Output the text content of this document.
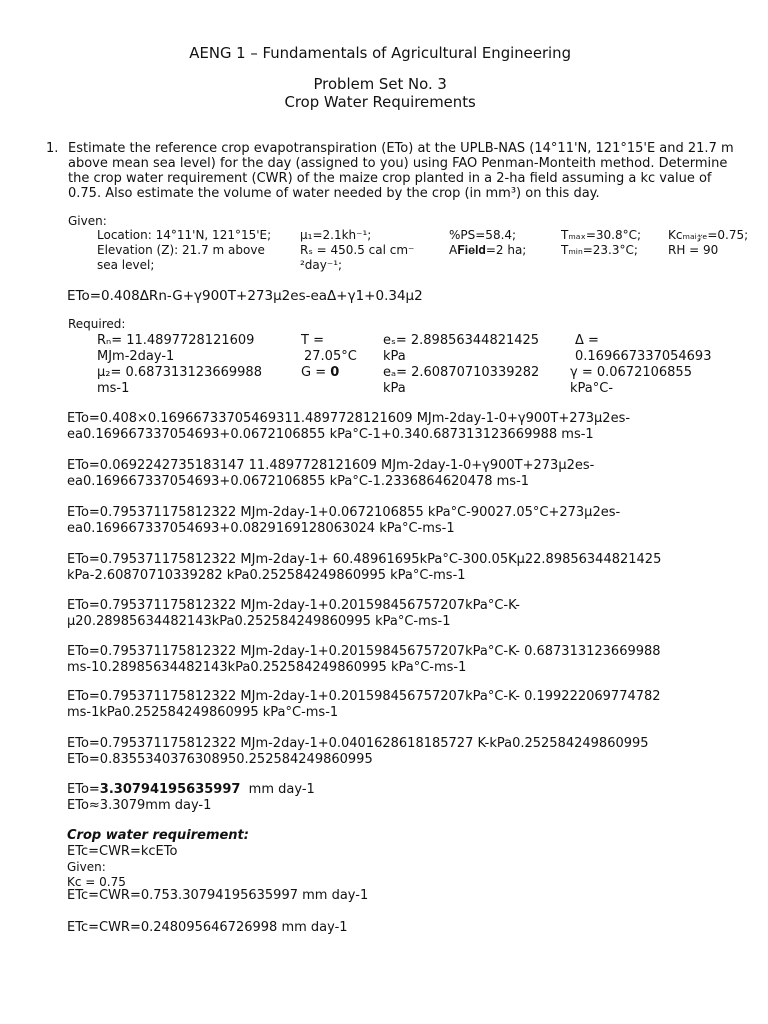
AENG 1 – Fundamentals of Agricultural Engineering
Problem Set No. 3
Crop Water Requirements
1. Estimate the reference crop evapotranspiration (ETo) at the UPLB-NAS (14°11'N, 121°15'E and 21.7 m
above mean sea level) for the day (assigned to you) using FAO Penman-Monteith method. Determine
the crop water requirement (CWR) of the maize crop planted in a 2-ha field assuming a kc value of
0.75. Also estimate the volume of water needed by the crop (in mm³) on this day.
Given:
Location: 14°11'N, 121°15'E;
Elevation (Z): 21.7 m above
sea level;
μ₁=2.1kh⁻¹;
Rₛ = 450.5 cal cm⁻
²day⁻¹;
%PS=58.4;
A𝐅𝐢𝐞𝐥𝐝=2 ha;
Tₘₐₓ=30.8°C;
Tₘᵢₙ=23.3°C;
Kcₘₐᵢ𝓏ₑ=0.75;
RH = 90
ETo=0.408ΔRn-G+γ900T+273μ2es-eaΔ+γ1+0.34μ2
Required:
Rₙ= 11.4897728121609
MJm-2day-1
μ₂= 0.687313123669988
ms-1
T =
27.05°C
G = 0
eₛ= 2.89856344821425
kPa
eₐ= 2.60870710339282
kPa
Δ =
0.169667337054693
γ = 0.0672106855
kPa°C-
ETo=0.408×0.16966733705469311.4897728121609 MJm-2day-1-0+γ900T+273μ2es-
ea0.169667337054693+0.0672106855 kPa°C-1+0.340.687313123669988 ms-1
ETo=0.0692242735183147 11.4897728121609 MJm-2day-1-0+γ900T+273μ2es-
ea0.169667337054693+0.0672106855 kPa°C-1.2336864620478 ms-1
ETo=0.795371175812322 MJm-2day-1+0.0672106855 kPa°C-90027.05°C+273μ2es-
ea0.169667337054693+0.0829169128063024 kPa°C-ms-1
ETo=0.795371175812322 MJm-2day-1+ 60.48961695kPa°C-300.05Kμ22.89856344821425
kPa-2.60870710339282 kPa0.252584249860995 kPa°C-ms-1
ETo=0.795371175812322 MJm-2day-1+0.201598456757207kPa°C-K-
μ20.28985634482143kPa0.252584249860995 kPa°C-ms-1
ETo=0.795371175812322 MJm-2day-1+0.201598456757207kPa°C-K- 0.687313123669988
ms-10.28985634482143kPa0.252584249860995 kPa°C-ms-1
ETo=0.795371175812322 MJm-2day-1+0.201598456757207kPa°C-K- 0.199222069774782
ms-1kPa0.252584249860995 kPa°C-ms-1
ETo=0.795371175812322 MJm-2day-1+0.0401628618185727 K-kPa0.252584249860995
ETo=0.8355340376308950.252584249860995
ETo=3.30794195635997  mm day-1
ETo≈3.3079mm day-1
Crop water requirement:
ETc=CWR=kcETo
Given:
Kc = 0.75
ETc=CWR=0.753.30794195635997 mm day-1
ETc=CWR=0.248095646726998 mm day-1
